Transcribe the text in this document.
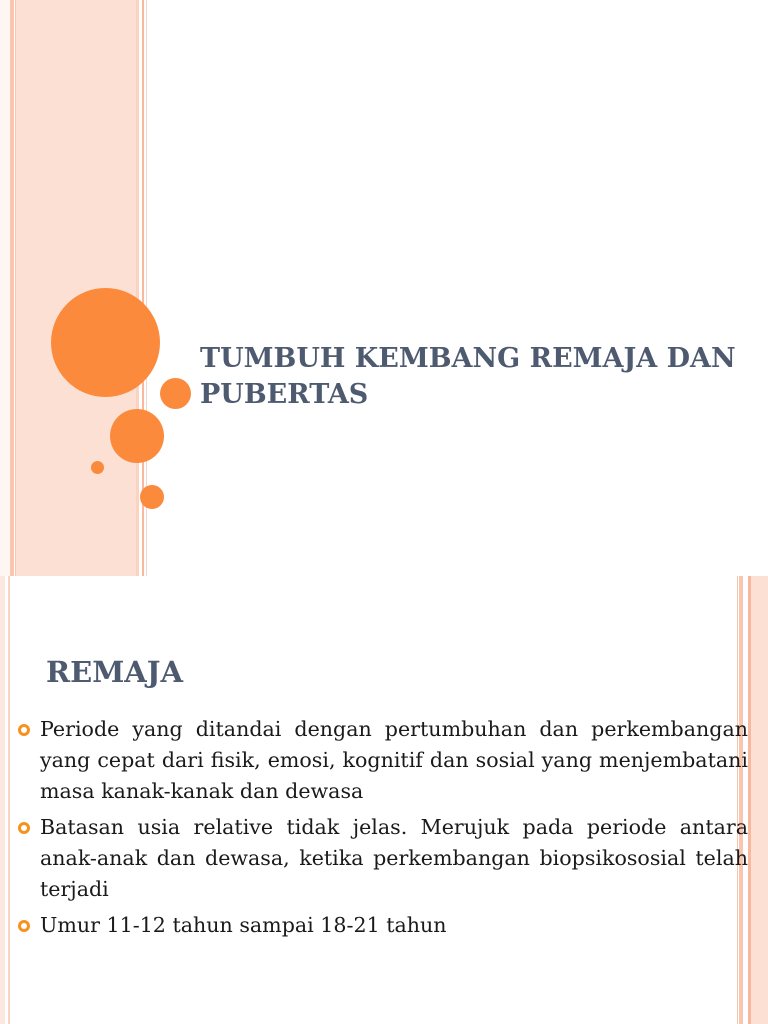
TUMBUH KEMBANG REMAJA DAN PUBERTAS
REMAJA
Periode yang ditandai dengan pertumbuhan dan perkembangan yang cepat dari fisik, emosi, kognitif dan sosial yang menjembatani masa kanak-kanak dan dewasa
Batasan usia relative tidak jelas. Merujuk pada periode antara anak-anak dan dewasa, ketika perkembangan biopsikososial telah terjadi
Umur 11-12 tahun sampai 18-21 tahun
